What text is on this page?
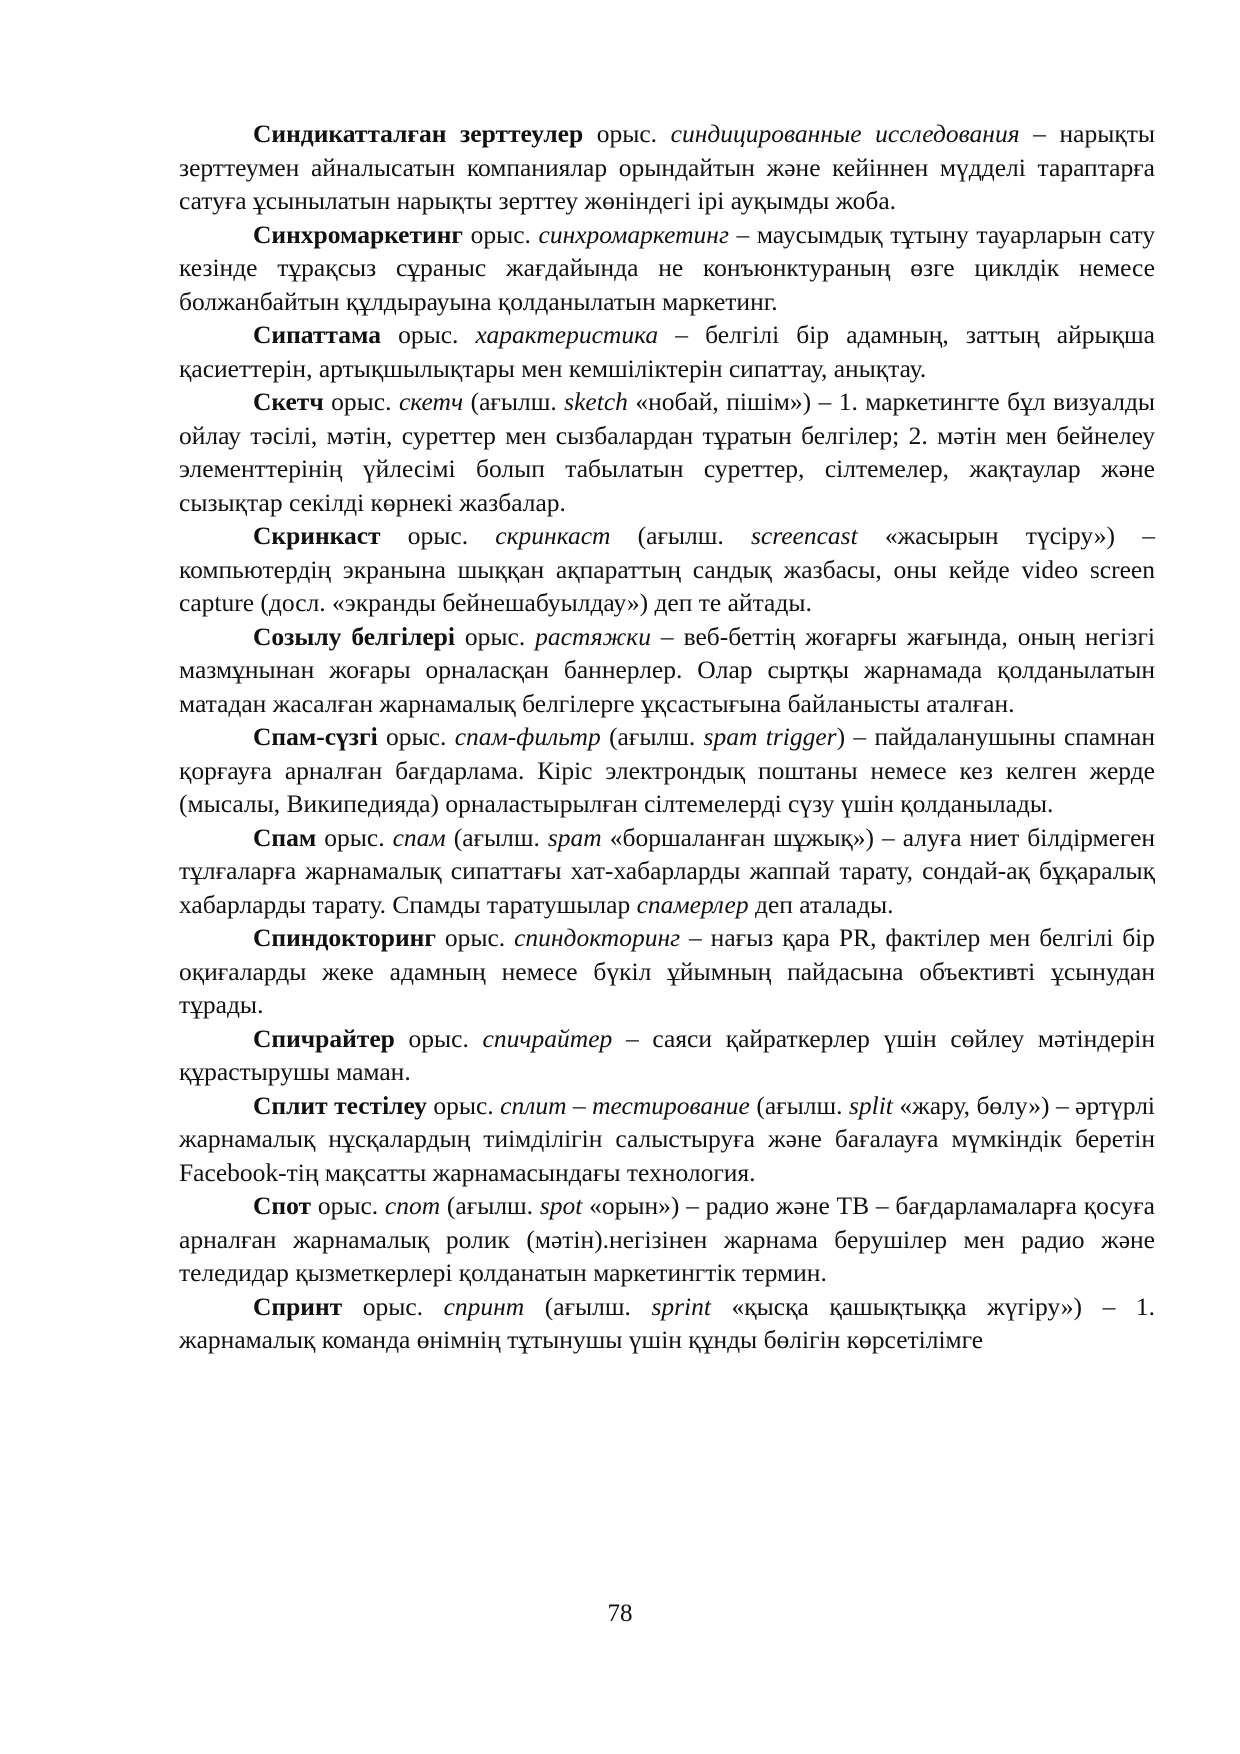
Синдикатталған зерттеулер орыс. синдицированные исследования – нарықты зерттеумен айналысатын компаниялар орындайтын және кейіннен мүдделі тараптарға сатуға ұсынылатын нарықты зерттеу жөніндегі ірі ауқымды жоба.

Синхромаркетинг орыс. синхромаркетинг – маусымдық тұтыну тауарларын сату кезінде тұрақсыз сұраныс жағдайында не конъюнктураның өзге циклдік немесе болжанбайтын құлдырауына қолданылатын маркетинг.

Сипаттама орыс. характеристика – белгілі бір адамның, заттың айрықша қасиеттерін, артықшылықтары мен кемшіліктерін сипаттау, анықтау.

Скетч орыс. скетч (ағылш. sketch «нобай, пішім») – 1. маркетингте бұл визуалды ойлау тәсілі, мәтін, суреттер мен сызбалардан тұратын белгілер; 2. мәтін мен бейнелеу элементтерінің үйлесімі болып табылатын суреттер, сілтемелер, жақтаулар және сызықтар секілді көрнекі жазбалар.

Скринкаст орыс. скринкаст (ағылш. screencast «жасырын түсіру») – компьютердің экранына шыққан ақпараттың сандық жазбасы, оны кейде video screen capture (досл. «экранды бейнешабуылдау») деп те айтады.

Созылу белгілері орыс. растяжки – веб-беттің жоғарғы жағында, оның негізгі мазмұнынан жоғары орналасқан баннерлер. Олар сыртқы жарнамада қолданылатын матадан жасалған жарнамалық белгілерге ұқсастығына байланысты аталған.

Спам-сүзгі орыс. спам-фильтр (ағылш. spam trigger) – пайдаланушыны спамнан қорғауға арналған бағдарлама. Кіріс электрондық поштаны немесе кез келген жерде (мысалы, Википедияда) орналастырылған сілтемелерді сүзу үшін қолданылады.

Спам орыс. спам (ағылш. spam «боршаланған шұжық») – алуға ниет білдірмеген тұлғаларға жарнамалық сипаттағы хат-хабарларды жаппай тарату, сондай-ақ бұқаралық хабарларды тарату. Спамды таратушылар спамерлер деп аталады.

Спиндокторинг орыс. спиндокторинг – нағыз қара PR, фактілер мен белгілі бір оқиғаларды жеке адамның немесе бүкіл ұйымның пайдасына объективті ұсынудан тұрады.

Спичрайтер орыс. спичрайтер – саяси қайраткерлер үшін сөйлеу мәтіндерін құрастырушы маман.

Сплит тестілеу орыс. сплит – тестирование (ағылш. split «жару, бөлу») – әртүрлі жарнамалық нұсқалардың тиімділігін салыстыруға және бағалауға мүмкіндік беретін Facebook-тің мақсатты жарнамасындағы технология.

Спот орыс. спот (ағылш. spot «орын») – радио және ТВ – бағдарламаларға қосуға арналған жарнамалық ролик (мәтін).негізінен жарнама берушілер мен радио және теледидар қызметкерлері қолданатын маркетингтік термин.

Спринт орыс. спринт (ағылш. sprint «қысқа қашықтыққа жүгіру») – 1. жарнамалық команда өнімнің тұтынушы үшін құнды бөлігін көрсетілімге

78
